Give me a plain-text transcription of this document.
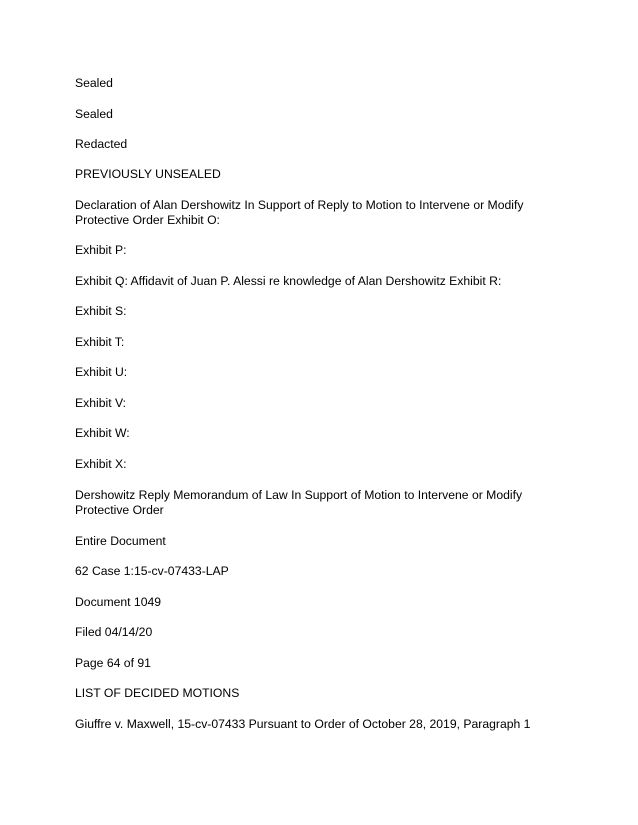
Sealed
Sealed
Redacted
PREVIOUSLY UNSEALED
Declaration of Alan Dershowitz In Support of Reply to Motion to Intervene or Modify Protective Order Exhibit O:
Exhibit P:
Exhibit Q: Affidavit of Juan P. Alessi re knowledge of Alan Dershowitz Exhibit R:
Exhibit S:
Exhibit T:
Exhibit U:
Exhibit V:
Exhibit W:
Exhibit X:
Dershowitz Reply Memorandum of Law In Support of Motion to Intervene or Modify Protective Order
Entire Document
62 Case 1:15-cv-07433-LAP
Document 1049
Filed 04/14/20
Page 64 of 91
LIST OF DECIDED MOTIONS
Giuffre v. Maxwell, 15-cv-07433 Pursuant to Order of October 28, 2019, Paragraph 1
